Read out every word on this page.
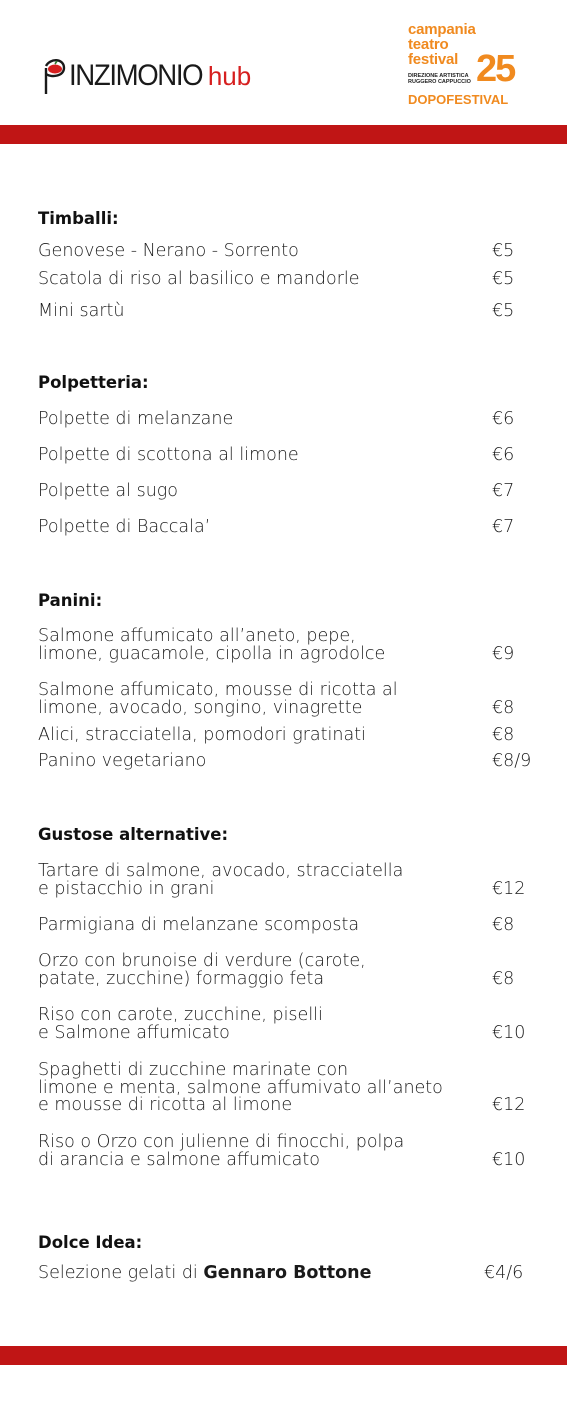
INZIMONIO hub
campania
teatro
festival 25
DIREZIONE ARTISTICA
RUGGERO CAPPUCCIO
DOPOFESTIVAL
Timballi:
Genovese - Nerano - Sorrento	€5
Scatola di riso al basilico e mandorle	€5
Mini sartù	€5
Polpetteria:
Polpette di melanzane	€6
Polpette di scottona al limone	€6
Polpette al sugo	€7
Polpette di Baccala’	€7
Panini:
Salmone affumicato all’aneto, pepe,
limone, guacamole, cipolla in agrodolce	€9
Salmone affumicato, mousse di ricotta al
limone, avocado, songino, vinagrette	€8
Alici, stracciatella, pomodori gratinati	€8
Panino vegetariano	€8/9
Gustose alternative:
Tartare di salmone, avocado, stracciatella
e pistacchio in grani	€12
Parmigiana di melanzane scomposta	€8
Orzo con brunoise di verdure (carote,
patate, zucchine) formaggio feta	€8
Riso con carote, zucchine, piselli
e Salmone affumicato	€10
Spaghetti di zucchine marinate con
limone e menta, salmone affumivato all’aneto
e mousse di ricotta al limone	€12
Riso o Orzo con julienne di finocchi, polpa
di arancia e salmone affumicato	€10
Dolce Idea:
Selezione gelati di Gennaro Bottone	€4/6
